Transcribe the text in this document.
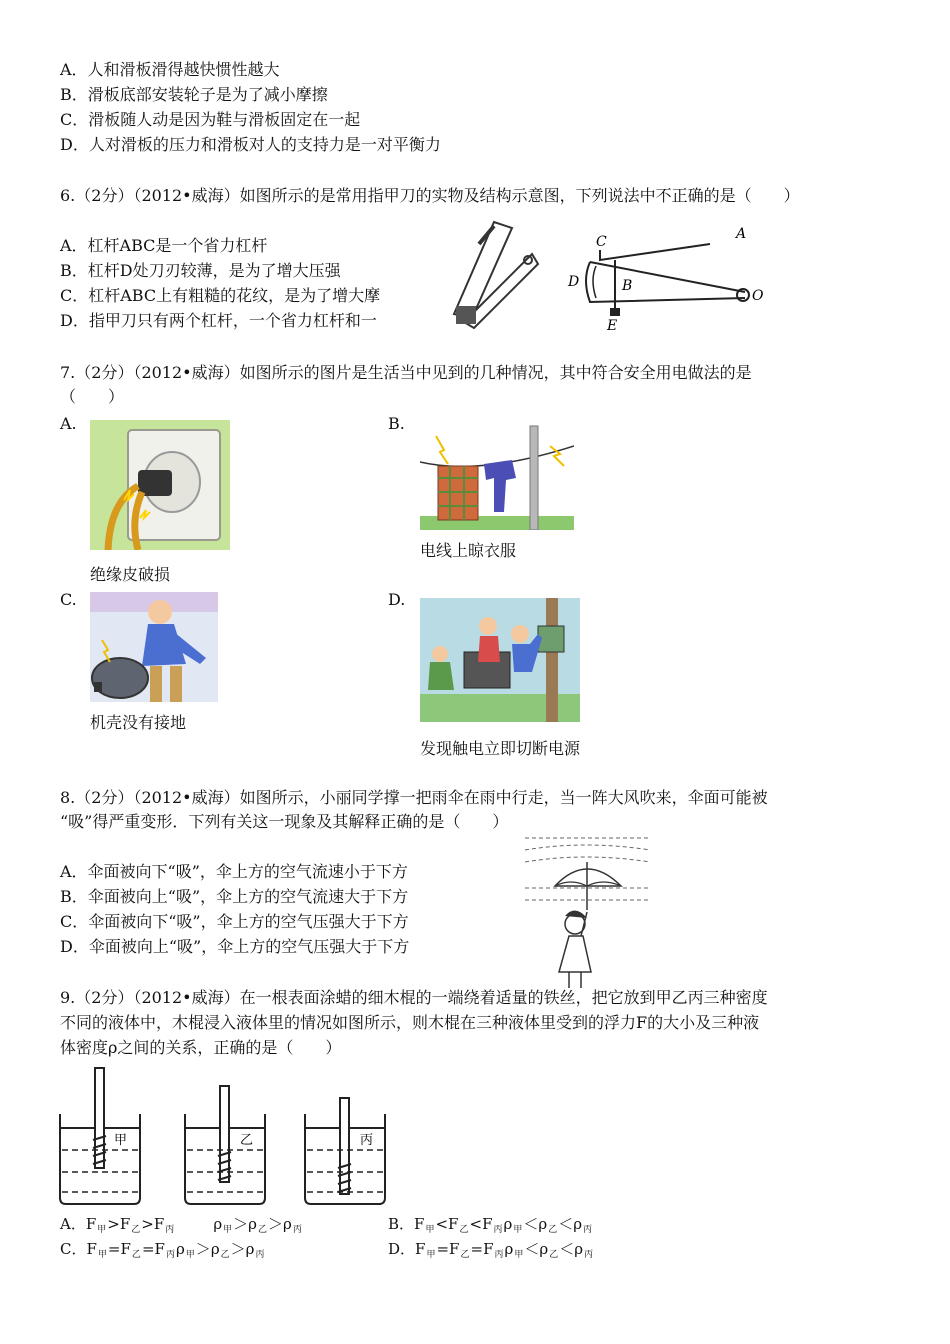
A．人和滑板滑得越快惯性越大
B．滑板底部安装轮子是为了减小摩擦
C．滑板随人动是因为鞋与滑板固定在一起
D．人对滑板的压力和滑板对人的支持力是一对平衡力
6.（2分）（2012•威海）如图所示的是常用指甲刀的实物及结构示意图，下列说法中不正确的是（　　）
A．杠杆ABC是一个省力杠杆
B．杠杆D处刀刃较薄，是为了增大压强
C．杠杆ABC上有粗糙的花纹，是为了增大摩
D．指甲刀只有两个杠杆，一个省力杠杆和一
A
B
C
D
E
O
7.（2分）（2012•威海）如图所示的图片是生活当中见到的几种情况，其中符合安全用电做法的是
（　　）
A.
绝缘皮破损
B.
电线上晾衣服
C.
机壳没有接地
D.
发现触电立即切断电源
8.（2分）（2012•威海）如图所示，小丽同学撑一把雨伞在雨中行走，当一阵大风吹来，伞面可能被
“吸”得严重变形．下列有关这一现象及其解释正确的是（　　）
A．伞面被向下“吸”，伞上方的空气流速小于下方
B．伞面被向上“吸”，伞上方的空气流速大于下方
C．伞面被向下“吸”，伞上方的空气压强大于下方
D．伞面被向上“吸”，伞上方的空气压强大于下方
9.（2分）（2012•威海）在一根表面涂蜡的细木棍的一端绕着适量的铁丝，把它放到甲乙丙三种密度
不同的液体中，木棍浸入液体里的情况如图所示，则木棍在三种液体里受到的浮力F的大小及三种液
体密度ρ之间的关系，正确的是（　　）
甲	乙	丙
A．$F_甲>F_乙>F_丙$	$\rho_甲>\rho_乙>\rho_丙$	B．$F_甲<F_乙<F_丙\rho_甲<\rho_乙<\rho_丙$
C．$F_甲=F_乙=F_丙\rho_甲>\rho_乙>\rho_丙$	D．$F_甲=F_乙=F_丙\rho_甲<\rho_乙<\rho_丙$
